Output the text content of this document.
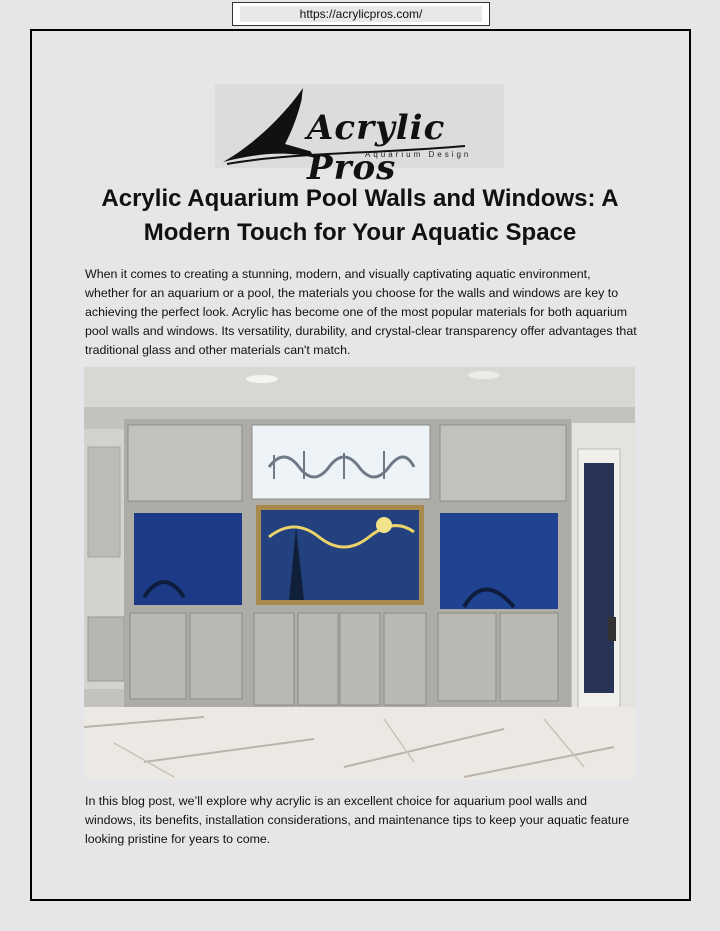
https://acrylicpros.com/
Acrylic Pros
Aquarium Design
Acrylic Aquarium Pool Walls and Windows: A Modern Touch for Your Aquatic Space

When it comes to creating a stunning, modern, and visually captivating aquatic environment, whether for an aquarium or a pool, the materials you choose for the walls and windows are key to achieving the perfect look. Acrylic has become one of the most popular materials for both aquarium pool walls and windows. Its versatility, durability, and crystal-clear transparency offer advantages that traditional glass and other materials can't match.

In this blog post, we’ll explore why acrylic is an excellent choice for aquarium pool walls and windows, its benefits, installation considerations, and maintenance tips to keep your aquatic feature looking pristine for years to come.
